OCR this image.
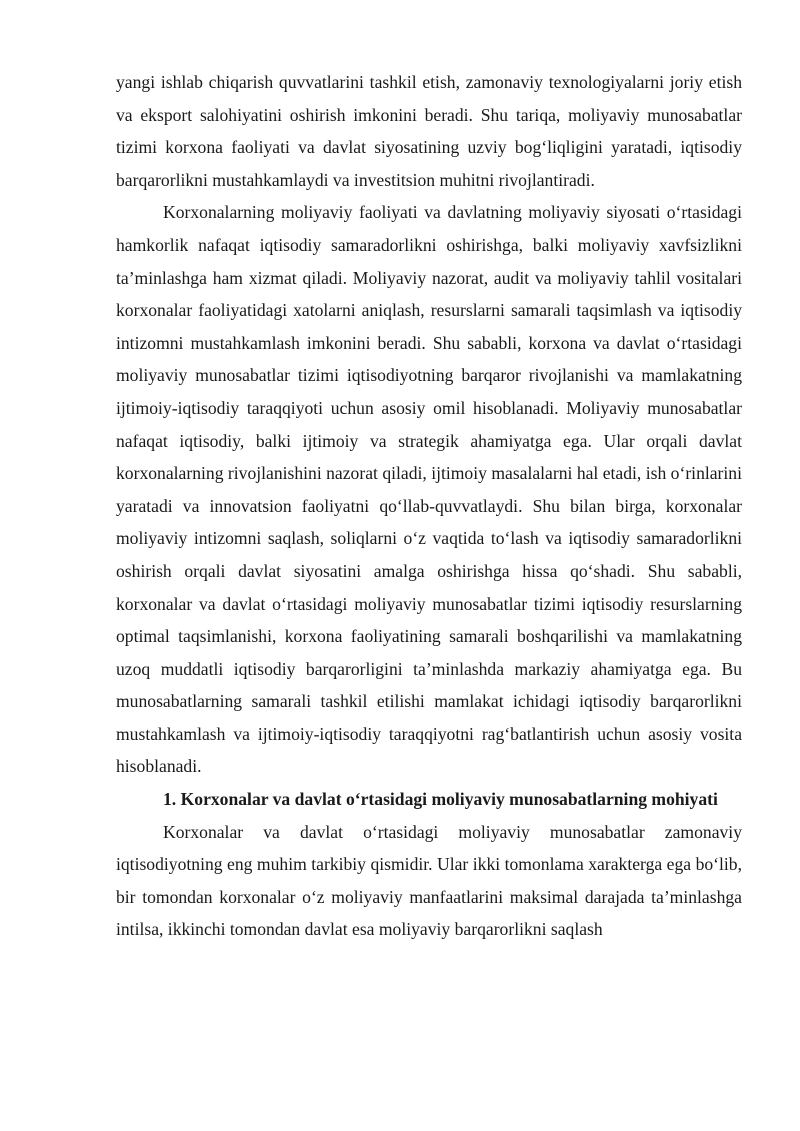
yangi ishlab chiqarish quvvatlarini tashkil etish, zamonaviy texnologiyalarni joriy etish va eksport salohiyatini oshirish imkonini beradi. Shu tariqa, moliyaviy munosabatlar tizimi korxona faoliyati va davlat siyosatining uzviy bog‘liqligini yaratadi, iqtisodiy barqarorlikni mustahkamlaydi va investitsion muhitni rivojlantiradi.

Korxonalarning moliyaviy faoliyati va davlatning moliyaviy siyosati o‘rtasidagi hamkorlik nafaqat iqtisodiy samaradorlikni oshirishga, balki moliyaviy xavfsizlikni ta’minlashga ham xizmat qiladi. Moliyaviy nazorat, audit va moliyaviy tahlil vositalari korxonalar faoliyatidagi xatolarni aniqlash, resurslarni samarali taqsimlash va iqtisodiy intizomni mustahkamlash imkonini beradi. Shu sababli, korxona va davlat o‘rtasidagi moliyaviy munosabatlar tizimi iqtisodiyotning barqaror rivojlanishi va mamlakatning ijtimoiy-iqtisodiy taraqqiyoti uchun asosiy omil hisoblanadi. Moliyaviy munosabatlar nafaqat iqtisodiy, balki ijtimoiy va strategik ahamiyatga ega. Ular orqali davlat korxonalarning rivojlanishini nazorat qiladi, ijtimoiy masalalarni hal etadi, ish o‘rinlarini yaratadi va innovatsion faoliyatni qo‘llab-quvvatlaydi. Shu bilan birga, korxonalar moliyaviy intizomni saqlash, soliqlarni o‘z vaqtida to‘lash va iqtisodiy samaradorlikni oshirish orqali davlat siyosatini amalga oshirishga hissa qo‘shadi. Shu sababli, korxonalar va davlat o‘rtasidagi moliyaviy munosabatlar tizimi iqtisodiy resurslarning optimal taqsimlanishi, korxona faoliyatining samarali boshqarilishi va mamlakatning uzoq muddatli iqtisodiy barqarorligini ta’minlashda markaziy ahamiyatga ega. Bu munosabatlarning samarali tashkil etilishi mamlakat ichidagi iqtisodiy barqarorlikni mustahkamlash va ijtimoiy-iqtisodiy taraqqiyotni rag‘batlantirish uchun asosiy vosita hisoblanadi.

1. Korxonalar va davlat o‘rtasidagi moliyaviy munosabatlarning mohiyati

Korxonalar va davlat o‘rtasidagi moliyaviy munosabatlar zamonaviy iqtisodiyotning eng muhim tarkibiy qismidir. Ular ikki tomonlama xarakterga ega bo‘lib, bir tomondan korxonalar o‘z moliyaviy manfaatlarini maksimal darajada ta’minlashga intilsa, ikkinchi tomondan davlat esa moliyaviy barqarorlikni saqlash
